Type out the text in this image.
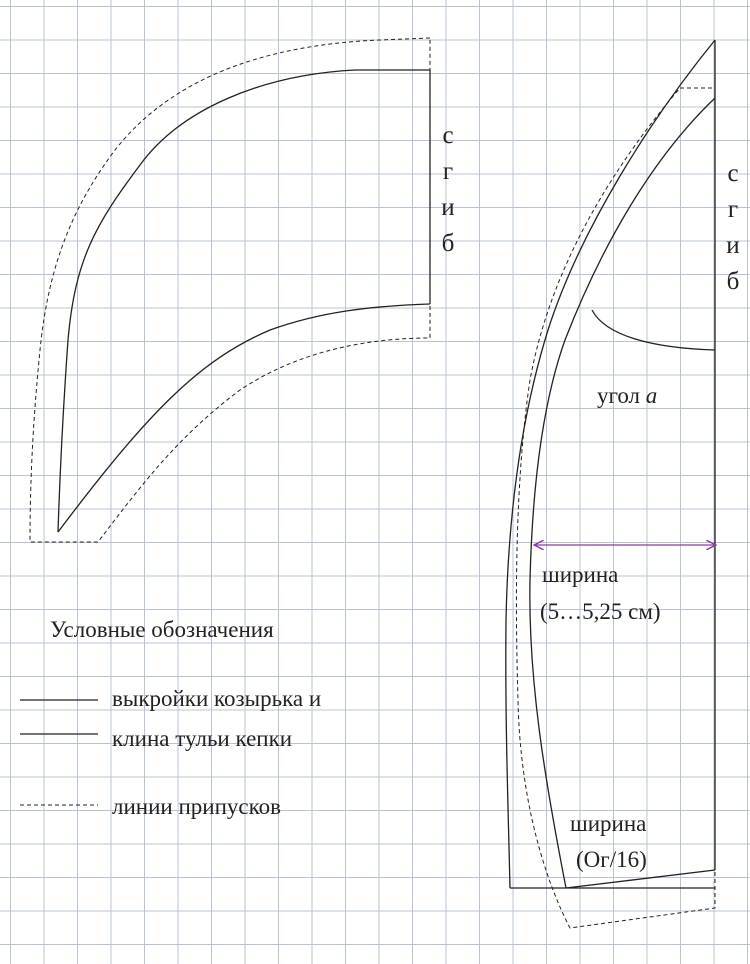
с
г
и
б
с
г
и
б
угол a
ширина
(5…5,25 см)
ширина
(Ог/16)
Условные обозначения
выкройки козырька и
клина тульи кепки
линии припусков
